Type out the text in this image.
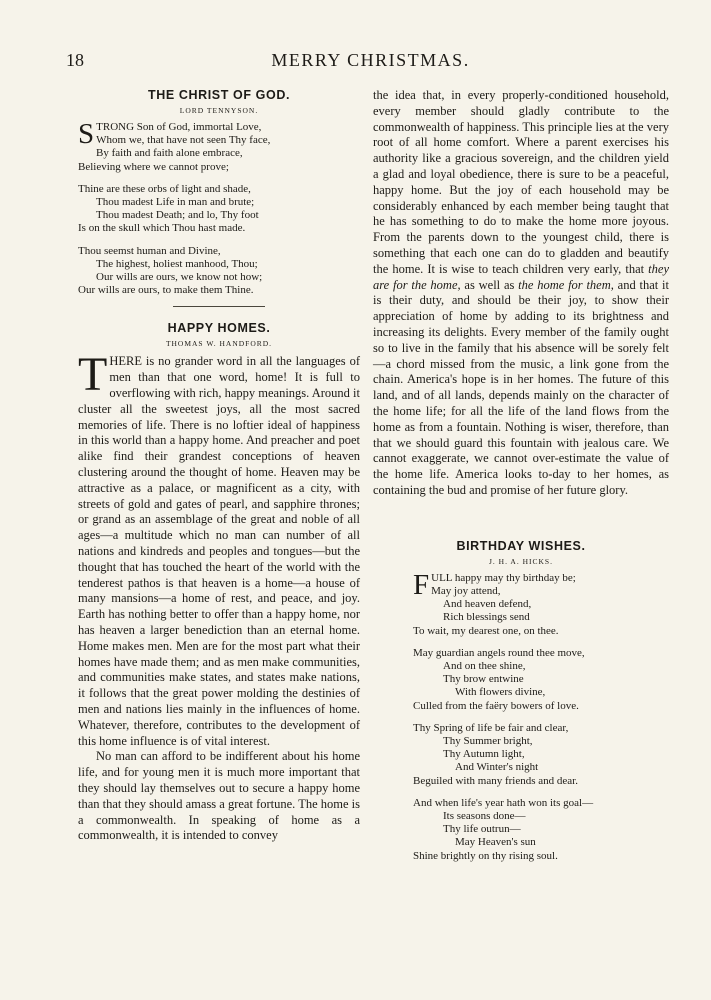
18	MERRY CHRISTMAS.
THE CHRIST OF GOD.
LORD TENNYSON.
S TRONG Son of God, immortal Love,
Whom we, that have not seen Thy face,
By faith and faith alone embrace,
Believing where we cannot prove;
Thine are these orbs of light and shade,
Thou madest Life in man and brute;
Thou madest Death; and lo, Thy foot
Is on the skull which Thou hast made.
Thou seemst human and Divine,
The highest, holiest manhood, Thou;
Our wills are ours, we know not how;
Our wills are ours, to make them Thine.
HAPPY HOMES.
THOMAS W. HANDFORD.

THERE is no grander word in all the languages of men than that one word, home! It is full to overflowing with rich, happy meanings. Around it cluster all the sweetest joys, all the most sacred memories of life. There is no loftier ideal of happiness in this world than a happy home. And preacher and poet alike find their grandest conceptions of heaven clustering around the thought of home. Heaven may be attractive as a palace, or magnificent as a city, with streets of gold and gates of pearl, and sapphire thrones; or grand as an assemblage of the great and noble of all ages—a multitude which no man can number of all nations and kindreds and peoples and tongues—but the thought that has touched the heart of the world with the tenderest pathos is that heaven is a home—a house of many mansions—a home of rest, and peace, and joy. Earth has nothing better to offer than a happy home, nor has heaven a larger benediction than an eternal home. Home makes men. Men are for the most part what their homes have made them; and as men make communities, and communities make states, and states make nations, it follows that the great power molding the destinies of men and nations lies mainly in the influences of home. Whatever, therefore, contributes to the development of this home influence is of vital interest.

No man can afford to be indifferent about his home life, and for young men it is much more important that they should lay themselves out to secure a happy home than that they should amass a great fortune. The home is a commonwealth. In speaking of home as a commonwealth, it is intended to convey

the idea that, in every properly-conditioned household, every member should gladly contribute to the commonwealth of happiness. This principle lies at the very root of all home comfort. Where a parent exercises his authority like a gracious sovereign, and the children yield a glad and loyal obedience, there is sure to be a peaceful, happy home. But the joy of each household may be considerably enhanced by each member being taught that he has something to do to make the home more joyous. From the parents down to the youngest child, there is something that each one can do to gladden and beautify the home. It is wise to teach children very early, that they are for the home, as well as the home for them, and that it is their duty, and should be their joy, to show their appreciation of home by adding to its brightness and increasing its delights. Every member of the family ought so to live in the family that his absence will be sorely felt—a chord missed from the music, a link gone from the chain. America's hope is in her homes. The future of this land, and of all lands, depends mainly on the character of the home life; for all the life of the land flows from the home as from a fountain. Nothing is wiser, therefore, than that we should guard this fountain with jealous care. We cannot exaggerate, we cannot over-estimate the value of the home life. America looks to-day to her homes, as containing the bud and promise of her future glory.

BIRTHDAY WISHES.
J. H. A. HICKS.
F ULL happy may thy birthday be;
May joy attend,
And heaven defend,
Rich blessings send
To wait, my dearest one, on thee.
May guardian angels round thee move,
And on thee shine,
Thy brow entwine
With flowers divine,
Culled from the faëry bowers of love.
Thy Spring of life be fair and clear,
Thy Summer bright,
Thy Autumn light,
And Winter's night
Beguiled with many friends and dear.
And when life's year hath won its goal—
Its seasons done—
Thy life outrun—
May Heaven's sun
Shine brightly on thy rising soul.
